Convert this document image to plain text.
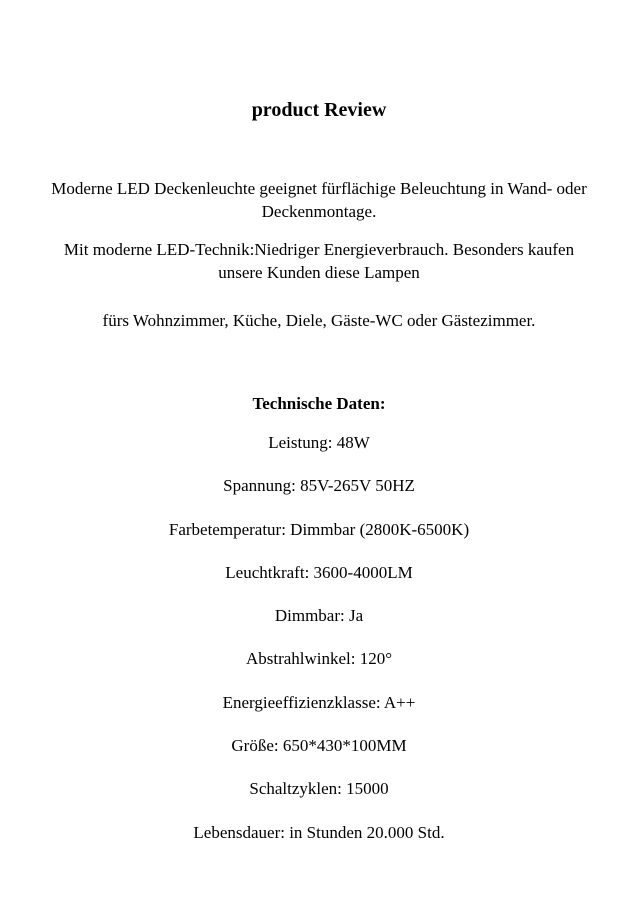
product Review
Moderne LED Deckenleuchte geeignet fürflächige Beleuchtung in Wand- oder Deckenmontage.
Mit moderne LED-Technik:Niedriger Energieverbrauch. Besonders kaufen unsere Kunden diese Lampen
fürs Wohnzimmer, Küche, Diele, Gäste-WC oder Gästezimmer.
Technische Daten:
Leistung: 48W
Spannung: 85V-265V 50HZ
Farbetemperatur: Dimmbar (2800K-6500K)
Leuchtkraft: 3600-4000LM
Dimmbar: Ja
Abstrahlwinkel: 120°
Energieeffizienzklasse: A++
Größe: 650*430*100MM
Schaltzyklen: 15000
Lebensdauer: in Stunden 20.000 Std.
